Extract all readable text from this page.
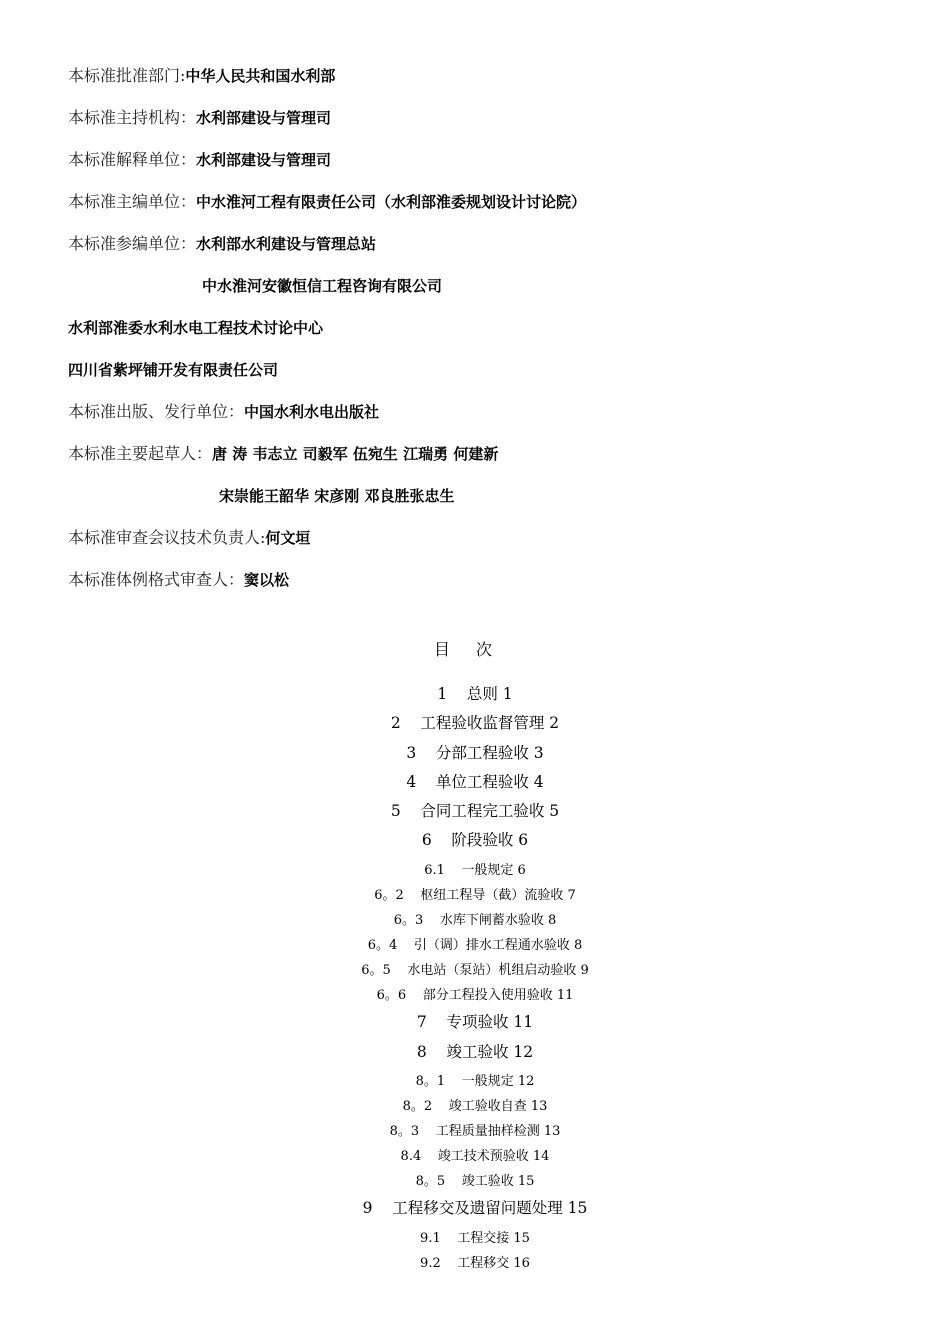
本标准批准部门:中华人民共和国水利部
本标准主持机构：水利部建设与管理司
本标准解释单位：水利部建设与管理司
本标准主编单位：中水淮河工程有限责任公司（水利部淮委规划设计讨论院）
本标准参编单位：水利部水利建设与管理总站
中水淮河安徽恒信工程咨询有限公司
水利部淮委水利水电工程技术讨论中心
四川省紫坪铺开发有限责任公司
本标准出版、发行单位：中国水利水电出版社
本标准主要起草人：唐 涛 韦志立 司毅军 伍宛生 江瑞勇 何建新
宋崇能王韶华 宋彦刚 邓良胜张忠生
本标准审查会议技术负责人:何文垣
本标准体例格式审查人：窦以松
目次
1    总则 1
2    工程验收监督管理 2
3    分部工程验收 3
4    单位工程验收 4
5    合同工程完工验收 5
6    阶段验收 6
6.1    一般规定 6
6。2    枢纽工程导（截）流验收 7
6。3    水库下闸蓄水验收 8
6。4    引（调）排水工程通水验收 8
6。5    水电站（泵站）机组启动验收 9
6。6    部分工程投入使用验收 11
7    专项验收 11
8    竣工验收 12
8。1    一般规定 12
8。2    竣工验收自查 13
8。3    工程质量抽样检测 13
8.4    竣工技术预验收 14
8。5    竣工验收 15
9    工程移交及遗留问题处理 15
9.1    工程交接 15
9.2    工程移交 16
